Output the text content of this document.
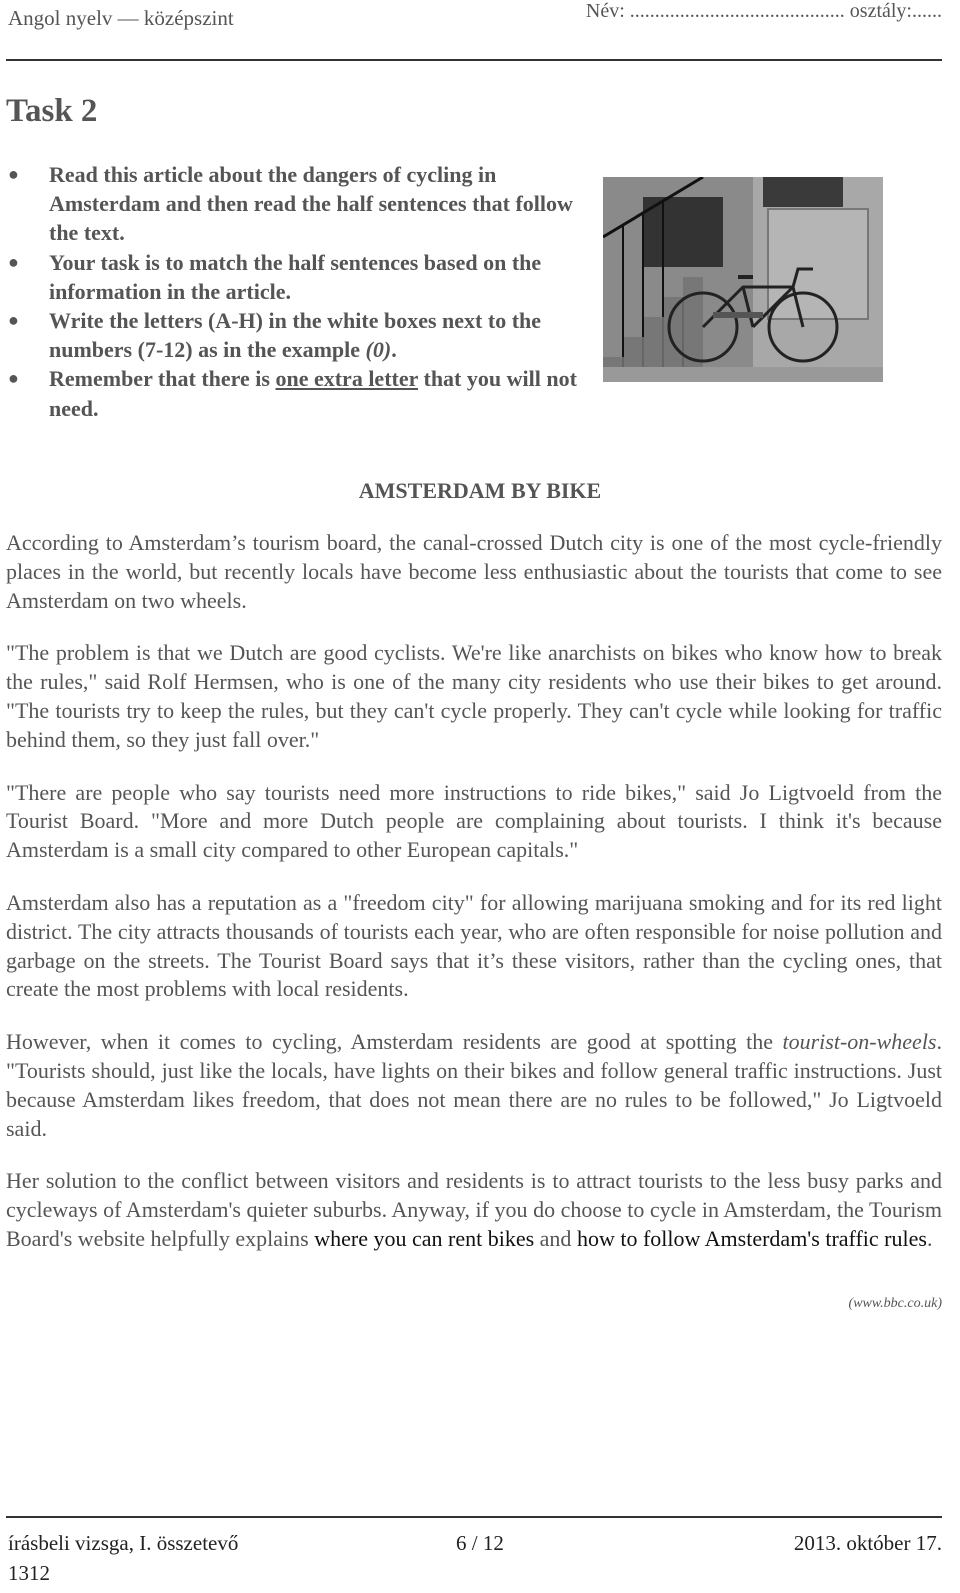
Angol nyelv — középszint	Név: ........................................... osztály:......
Task 2
● Read this article about the dangers of cycling in Amsterdam and then read the half sentences that follow the text.
● Your task is to match the half sentences based on the information in the article.
● Write the letters (A-H) in the white boxes next to the numbers (7-12) as in the example (0).
● Remember that there is one extra letter that you will not need.
AMSTERDAM BY BIKE

According to Amsterdam’s tourism board, the canal-crossed Dutch city is one of the most cycle-friendly places in the world, but recently locals have become less enthusiastic about the tourists that come to see Amsterdam on two wheels.

"The problem is that we Dutch are good cyclists. We're like anarchists on bikes who know how to break the rules," said Rolf Hermsen, who is one of the many city residents who use their bikes to get around. "The tourists try to keep the rules, but they can't cycle properly. They can't cycle while looking for traffic behind them, so they just fall over."

"There are people who say tourists need more instructions to ride bikes," said Jo Ligtvoeld from the Tourist Board. "More and more Dutch people are complaining about tourists. I think it's because Amsterdam is a small city compared to other European capitals."

Amsterdam also has a reputation as a "freedom city" for allowing marijuana smoking and for its red light district. The city attracts thousands of tourists each year, who are often responsible for noise pollution and garbage on the streets. The Tourist Board says that it’s these visitors, rather than the cycling ones, that create the most problems with local residents.

However, when it comes to cycling, Amsterdam residents are good at spotting the tourist-on-wheels. "Tourists should, just like the locals, have lights on their bikes and follow general traffic instructions. Just because Amsterdam likes freedom, that does not mean there are no rules to be followed," Jo Ligtvoeld said.

Her solution to the conflict between visitors and residents is to attract tourists to the less busy parks and cycleways of Amsterdam's quieter suburbs. Anyway, if you do choose to cycle in Amsterdam, the Tourism Board's website helpfully explains where you can rent bikes and how to follow Amsterdam's traffic rules.

(www.bbc.co.uk)
írásbeli vizsga, I. összetevő	6 / 12	2013. október 17.
1312
